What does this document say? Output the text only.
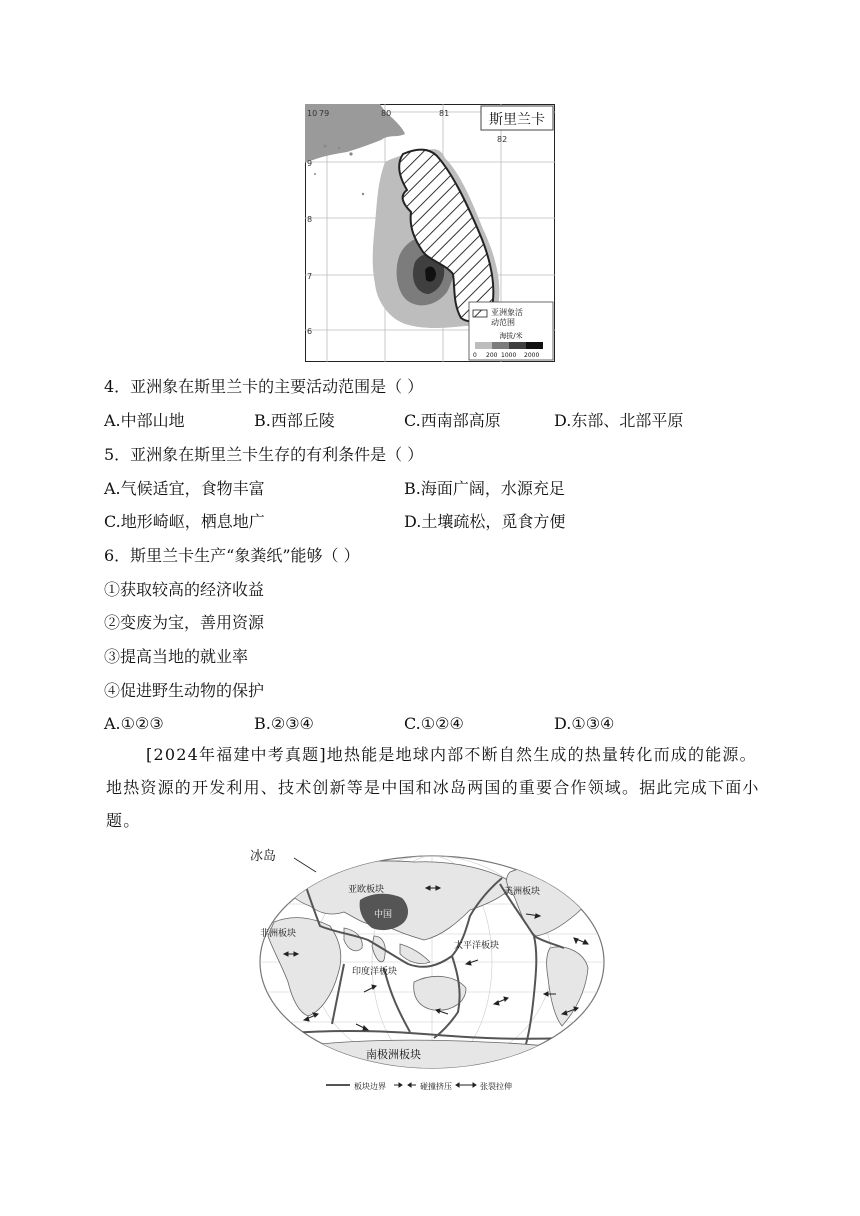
斯里兰卡
79	80	81
82
10
9
8
7
6
亚洲象活
动范围
海拔/米
0 200 1000 2000
4．亚洲象在斯里兰卡的主要活动范围是（ ）
A.中部山地	B.西部丘陵	C.西南部高原	D.东部、北部平原
5．亚洲象在斯里兰卡生存的有利条件是（ ）
A.气候适宜，食物丰富	B.海面广阔，水源充足
C.地形崎岖，栖息地广	D.土壤疏松，觅食方便
6．斯里兰卡生产“象粪纸”能够（ ）
①获取较高的经济收益
②变废为宝，善用资源
③提高当地的就业率
④促进野生动物的保护
A.①②③	B.②③④	C.①②④	D.①③④
[2024年福建中考真题]地热能是地球内部不断自然生成的热量转化而成的能源。地热资源的开发利用、技术创新等是中国和冰岛两国的重要合作领域。据此完成下面小题。
冰岛
亚欧板块	美洲板块
非洲板块
中国
太平洋板块
印度洋板块
南极洲板块
板块边界	碰撞挤压	张裂拉伸
